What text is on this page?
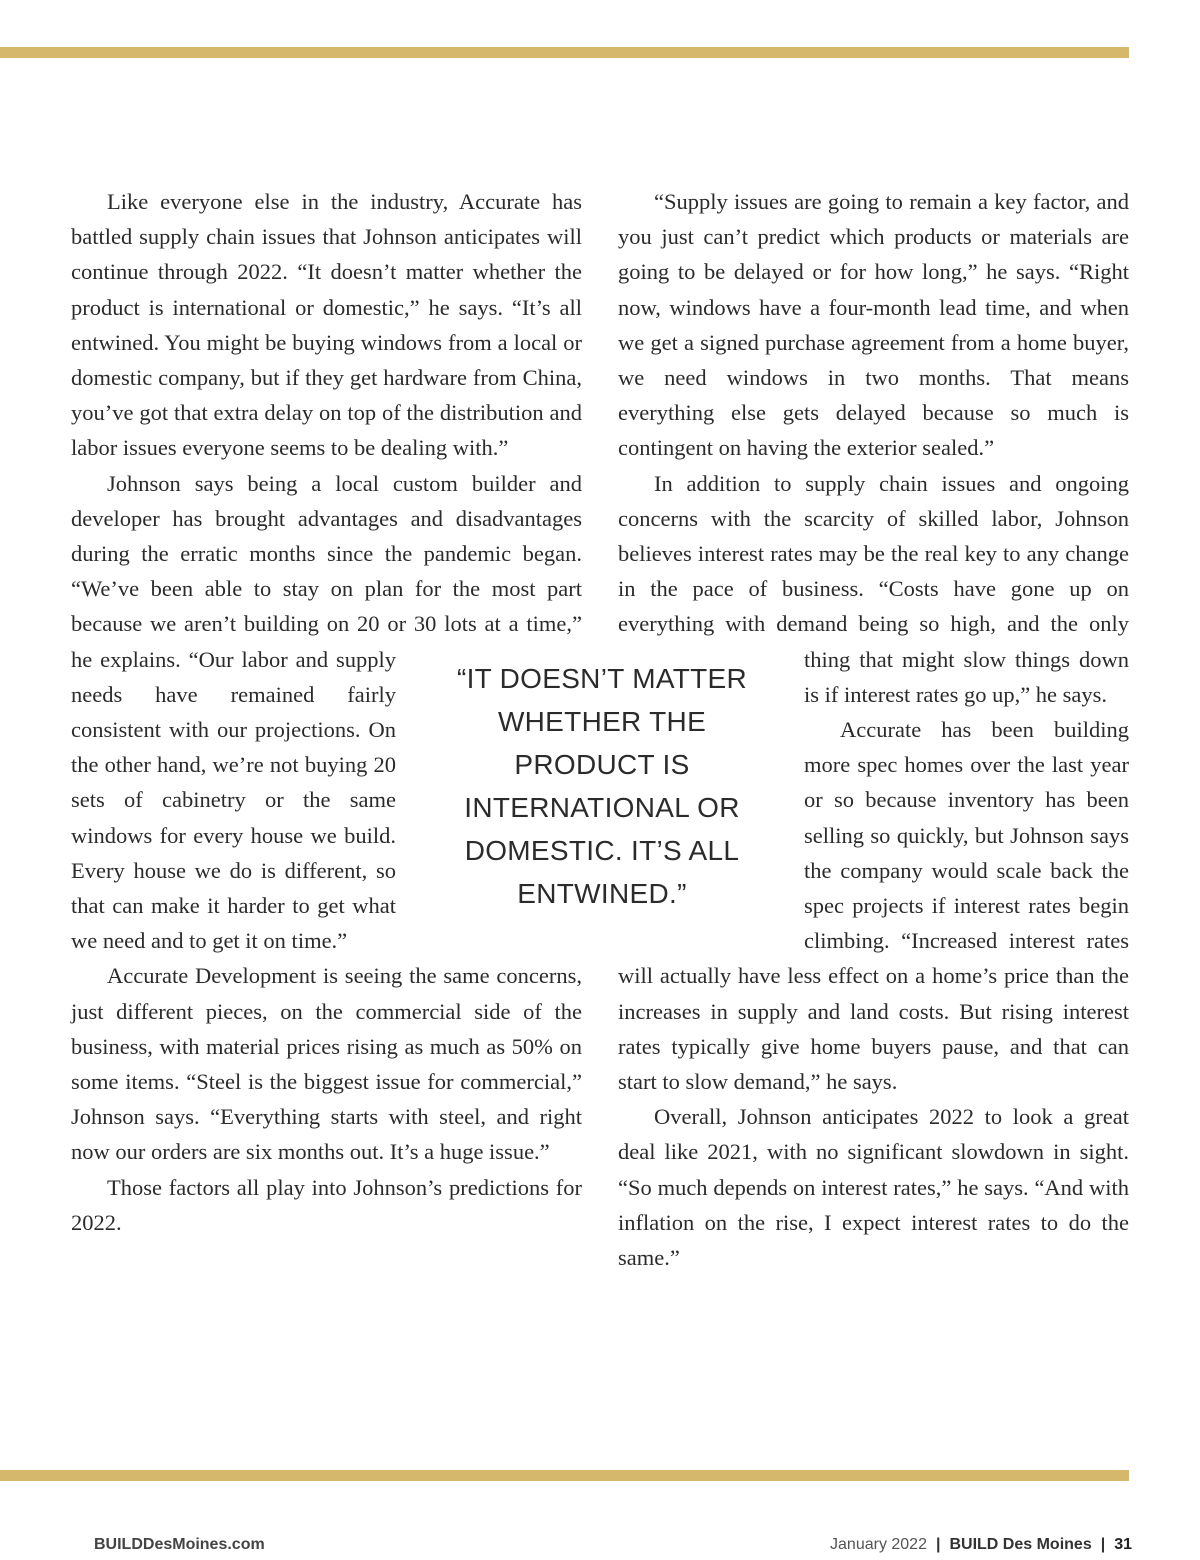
Like everyone else in the industry, Accurate has battled supply chain issues that Johnson anticipates will continue through 2022. “It doesn’t matter whether the product is international or domestic,” he says. “It’s all entwined. You might be buying windows from a local or domestic company, but if they get hardware from China, you’ve got that extra delay on top of the distribution and labor issues everyone seems to be dealing with.”

Johnson says being a local custom builder and developer has brought advantages and disadvantages during the erratic months since the pandemic began. “We’ve been able to stay on plan for the most part because we aren’t building on 20 or 30 lots at a time,” he explains. “Our labor and supply needs have remained fairly consistent with our projections. On the other hand, we’re not buying 20 sets of cabinetry or the same windows for every house we build. Every house we do is different, so that can make it harder to get what we need and to get it on time.”

Accurate Development is seeing the same concerns, just different pieces, on the commercial side of the business, with material prices rising as much as 50% on some items. “Steel is the biggest issue for commercial,” Johnson says. “Everything starts with steel, and right now our orders are six months out. It’s a huge issue.”

Those factors all play into Johnson’s predictions for 2022.

“Supply issues are going to remain a key factor, and you just can’t predict which products or materials are going to be delayed or for how long,” he says. “Right now, windows have a four-month lead time, and when we get a signed purchase agreement from a home buyer, we need windows in two months. That means everything else gets delayed because so much is contingent on having the exterior sealed.”

In addition to supply chain issues and ongoing concerns with the scarcity of skilled labor, Johnson believes interest rates may be the real key to any change in the pace of business. “Costs have gone up on everything with demand being so high, and the only thing that might slow things down is if interest rates go up,” he says.

Accurate has been building more spec homes over the last year or so because inventory has been selling so quickly, but Johnson says the company would scale back the spec projects if interest rates begin climbing. “Increased interest rates will actually have less effect on a home’s price than the increases in supply and land costs. But rising interest rates typically give home buyers pause, and that can start to slow demand,” he says.

Overall, Johnson anticipates 2022 to look a great deal like 2021, with no significant slowdown in sight. “So much depends on interest rates,” he says. “And with inflation on the rise, I expect interest rates to do the same.”

“IT DOESN’T MATTER WHETHER THE PRODUCT IS INTERNATIONAL OR DOMESTIC. IT’S ALL ENTWINED.”
BUILDDesMoines.com	January 2022 | BUILD Des Moines | 31
